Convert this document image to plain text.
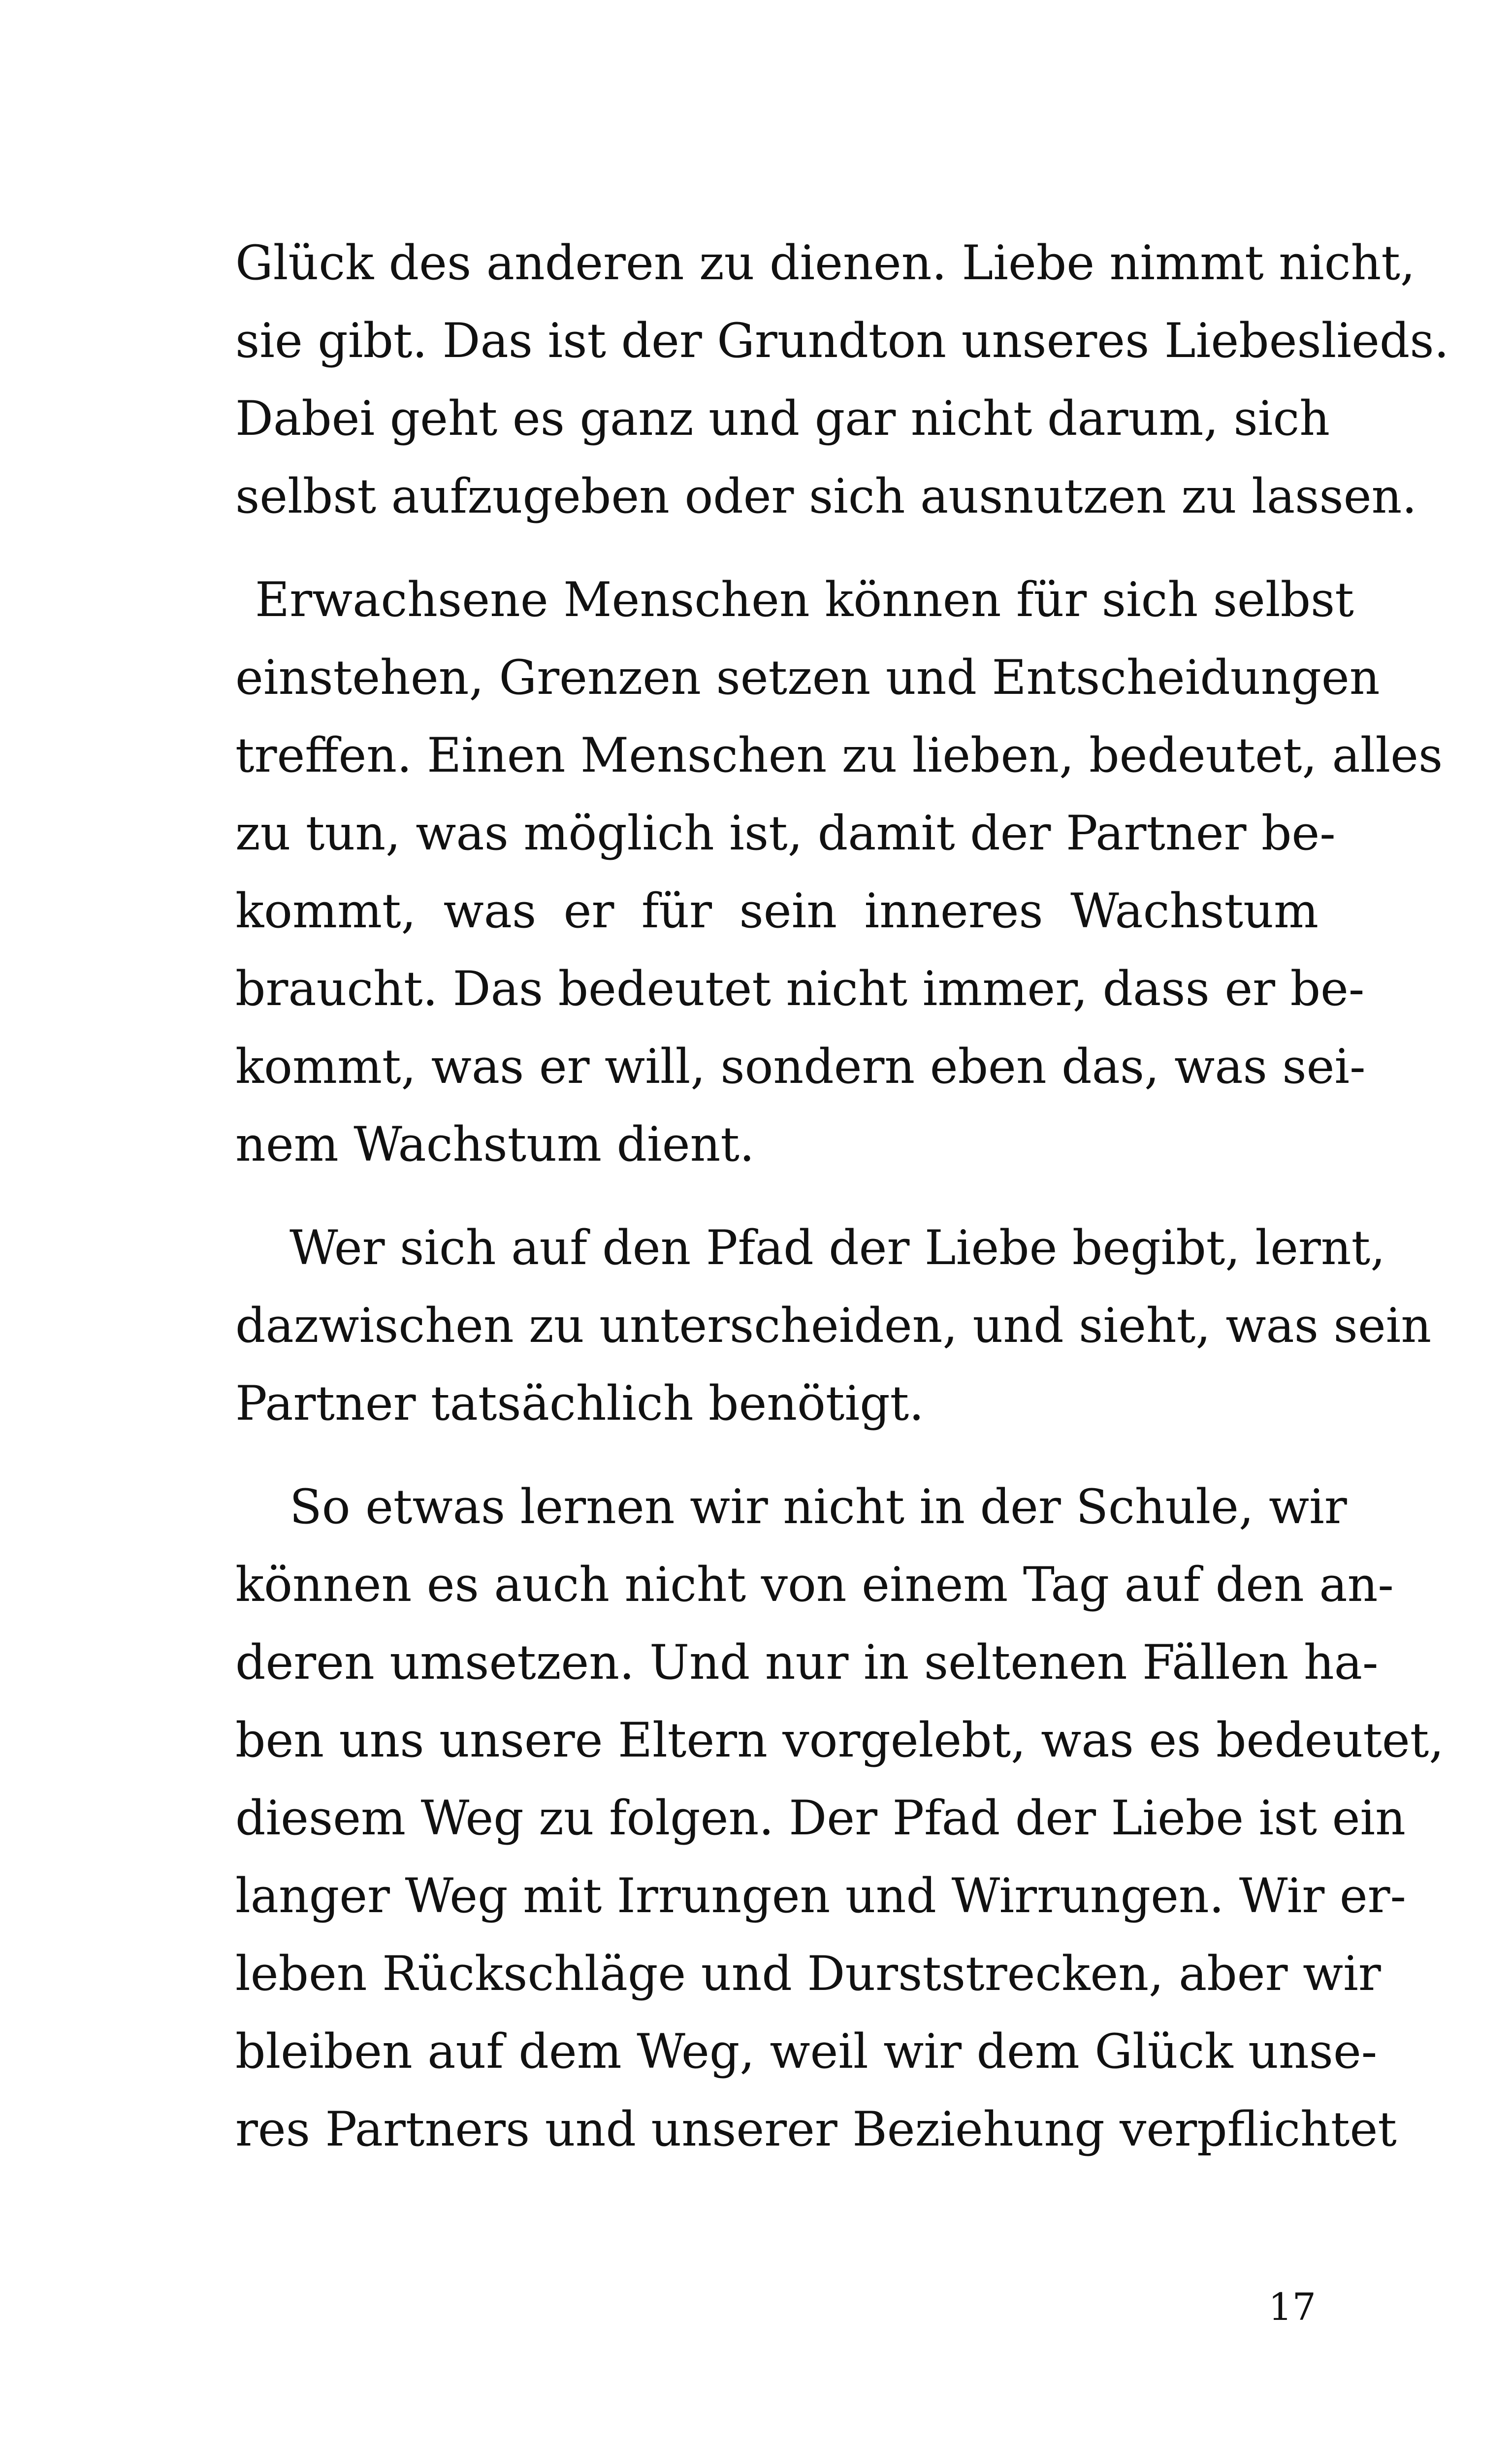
Glück des anderen zu dienen. Liebe nimmt nicht,
sie gibt. Das ist der Grundton unseres Liebeslieds.
Dabei geht es ganz und gar nicht darum, sich
selbst aufzugeben oder sich ausnutzen zu lassen.
Erwachsene Menschen können für sich selbst
einstehen, Grenzen setzen und Entscheidungen
treffen. Einen Menschen zu lieben, bedeutet, alles
zu tun, was möglich ist, damit der Partner be-
kommt, was er für sein inneres Wachstum
braucht. Das bedeutet nicht immer, dass er be-
kommt, was er will, sondern eben das, was sei-
nem Wachstum dient.
Wer sich auf den Pfad der Liebe begibt, lernt,
dazwischen zu unterscheiden, und sieht, was sein
Partner tatsächlich benötigt.
So etwas lernen wir nicht in der Schule, wir
können es auch nicht von einem Tag auf den an-
deren umsetzen. Und nur in seltenen Fällen ha-
ben uns unsere Eltern vorgelebt, was es bedeutet,
diesem Weg zu folgen. Der Pfad der Liebe ist ein
langer Weg mit Irrungen und Wirrungen. Wir er-
leben Rückschläge und Durststrecken, aber wir
bleiben auf dem Weg, weil wir dem Glück unse-
res Partners und unserer Beziehung verpflichtet
17
